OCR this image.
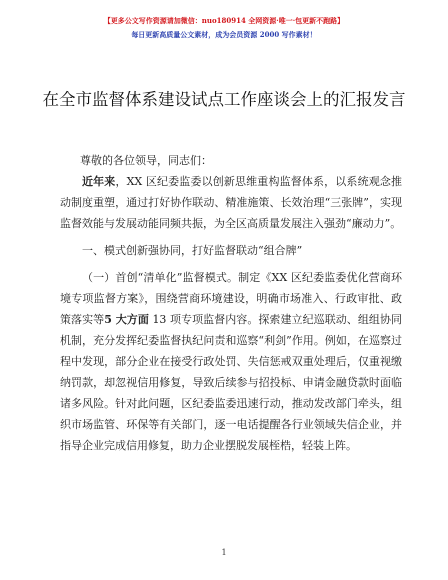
【更多公文写作资源请加微信：nuo180914 全网资源·唯一·包更新不跑路】
每日更新高质量公文素材，成为会员资源 2000 写作素材！
在全市监督体系建设试点工作座谈会上的汇报发言

尊敬的各位领导，同志们：

近年来，XX 区纪委监委以创新思维重构监督体系，以系统观念推动制度重塑，通过打好协作联动、精准施策、长效治理“三张牌”，实现监督效能与发展动能同频共振，为全区高质量发展注入强劲“廉动力”。

一、模式创新强协同，打好监督联动“组合牌”

（一）首创“清单化”监督模式。制定《XX 区纪委监委优化营商环境专项监督方案》，围绕营商环境建设，明确市场准入、行政审批、政策落实等5 大方面 13 项专项监督内容。探索建立纪巡联动、组组协同机制，充分发挥纪委监督执纪问责和巡察“利剑”作用。例如，在巡察过程中发现，部分企业在接受行政处罚、失信惩戒双重处理后，仅重视缴纳罚款，却忽视信用修复，导致后续参与招投标、申请金融贷款时面临诸多风险。针对此问题，区纪委监委迅速行动，推动发改部门牵头，组织市场监管、环保等有关部门，逐一电话提醒各行业领域失信企业，并指导企业完成信用修复，助力企业摆脱发展桎梏，轻装上阵。

1
